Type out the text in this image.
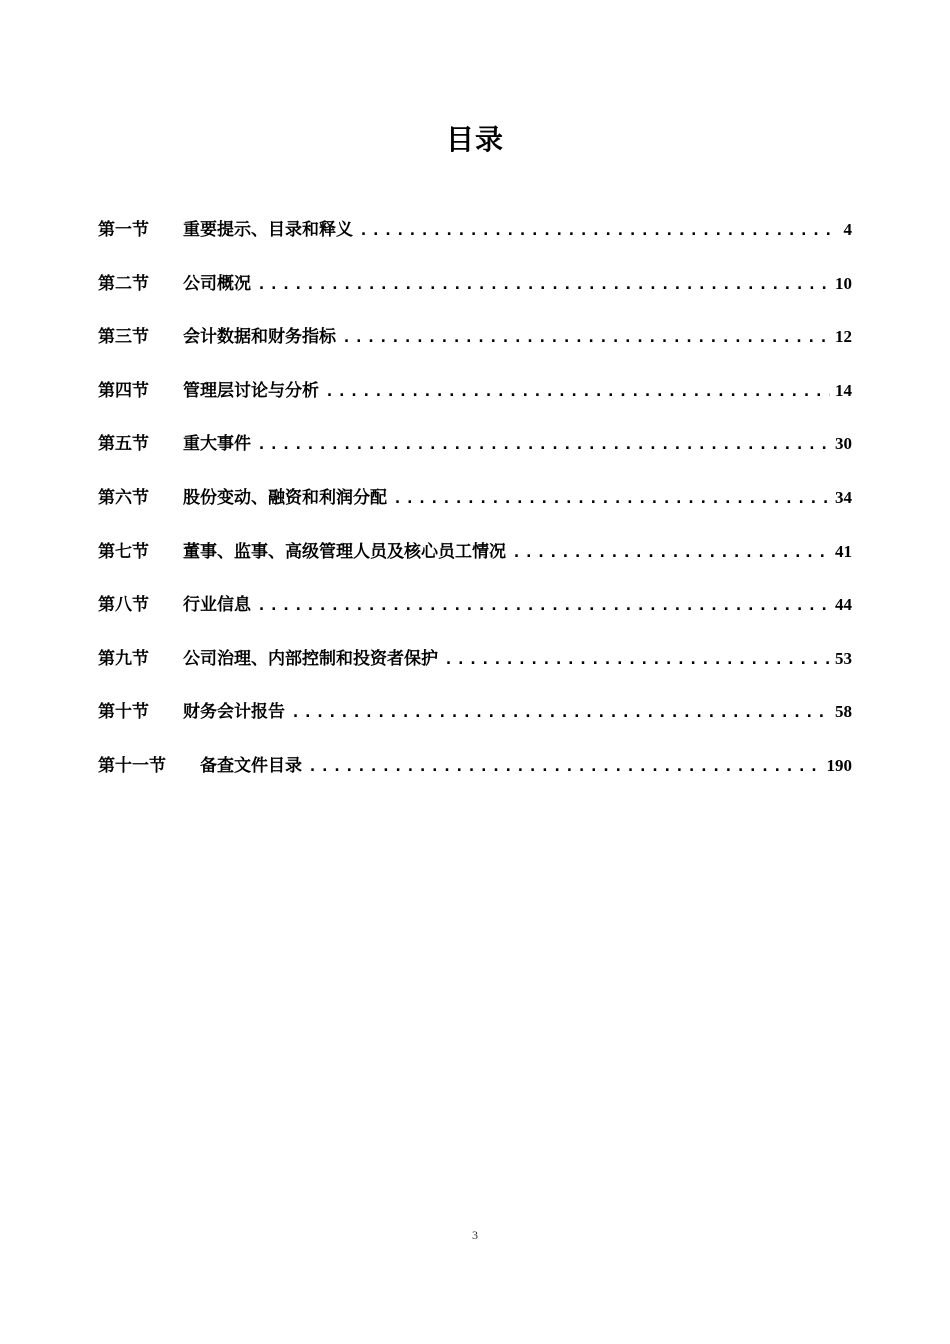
目录
第一节	重要提示、目录和释义 .....	4
第二节	公司概况 .....	10
第三节	会计数据和财务指标 .....	12
第四节	管理层讨论与分析 .....	14
第五节	重大事件 .....	30
第六节	股份变动、融资和利润分配 .....	34
第七节	董事、监事、高级管理人员及核心员工情况 .....	41
第八节	行业信息 .....	44
第九节	公司治理、内部控制和投资者保护 .....	53
第十节	财务会计报告 .....	58
第十一节	备查文件目录 .....	190
3
